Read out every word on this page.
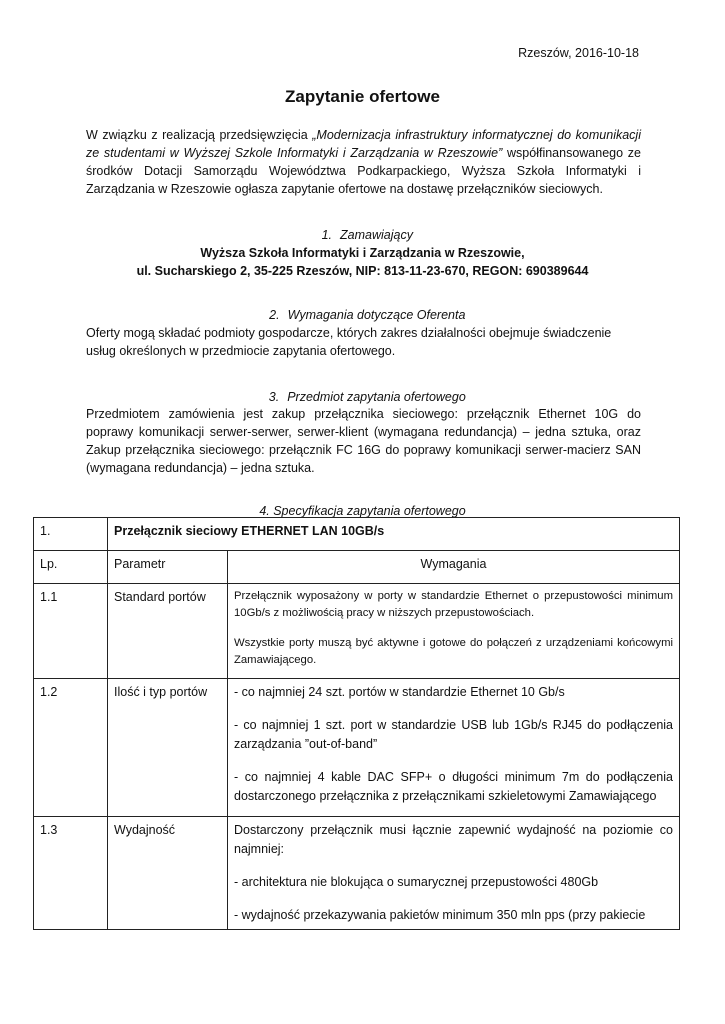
Rzeszów, 2016-10-18
Zapytanie ofertowe
W związku z realizacją przedsięwzięcia „Modernizacja infrastruktury informatycznej do komunikacji ze studentami w Wyższej Szkole Informatyki i Zarządzania w Rzeszowie” współfinansowanego ze środków Dotacji Samorządu Województwa Podkarpackiego, Wyższa Szkoła Informatyki i Zarządzania w Rzeszowie ogłasza zapytanie ofertowe na dostawę przełączników sieciowych.
1. Zamawiający
Wyższa Szkoła Informatyki i Zarządzania w Rzeszowie,
ul. Sucharskiego 2, 35-225 Rzeszów, NIP: 813-11-23-670, REGON: 690389644
2. Wymagania dotyczące Oferenta
Oferty mogą składać podmioty gospodarcze, których zakres działalności obejmuje świadczenie usług określonych w przedmiocie zapytania ofertowego.
3. Przedmiot zapytania ofertowego
Przedmiotem zamówienia jest zakup przełącznika sieciowego: przełącznik Ethernet 10G do poprawy komunikacji serwer-serwer, serwer-klient (wymagana redundancja) – jedna sztuka, oraz Zakup przełącznika sieciowego: przełącznik FC 16G do poprawy komunikacji serwer-macierz SAN (wymagana redundancja) – jedna sztuka.
4. Specyfikacja zapytania ofertowego
1.	Przełącznik sieciowy ETHERNET LAN 10GB/s	
Lp.	Parametr	Wymagania
1.1	Standard portów	Przełącznik wyposażony w porty w standardzie Ethernet o przepustowości minimum 10Gb/s z możliwością pracy w niższych przepustowościach.

Wszystkie porty muszą być aktywne i gotowe do połączeń z urządzeniami końcowymi Zamawiającego.

1.2	Ilość i typ portów	- co najmniej 24 szt. portów w standardzie Ethernet 10 Gb/s

- co najmniej 1 szt. port w standardzie USB lub 1Gb/s RJ45 do podłączenia zarządzania ”out-of-band”

- co najmniej 4 kable DAC SFP+ o długości minimum 7m do podłączenia dostarczonego przełącznika z przełącznikami szkieletowymi Zamawiającego

1.3	Wydajność	Dostarczony przełącznik musi łącznie zapewnić wydajność na poziomie co najmniej:

- architektura nie blokująca o sumarycznej przepustowości 480Gb

- wydajność przekazywania pakietów minimum 350 mln pps (przy pakiecie
